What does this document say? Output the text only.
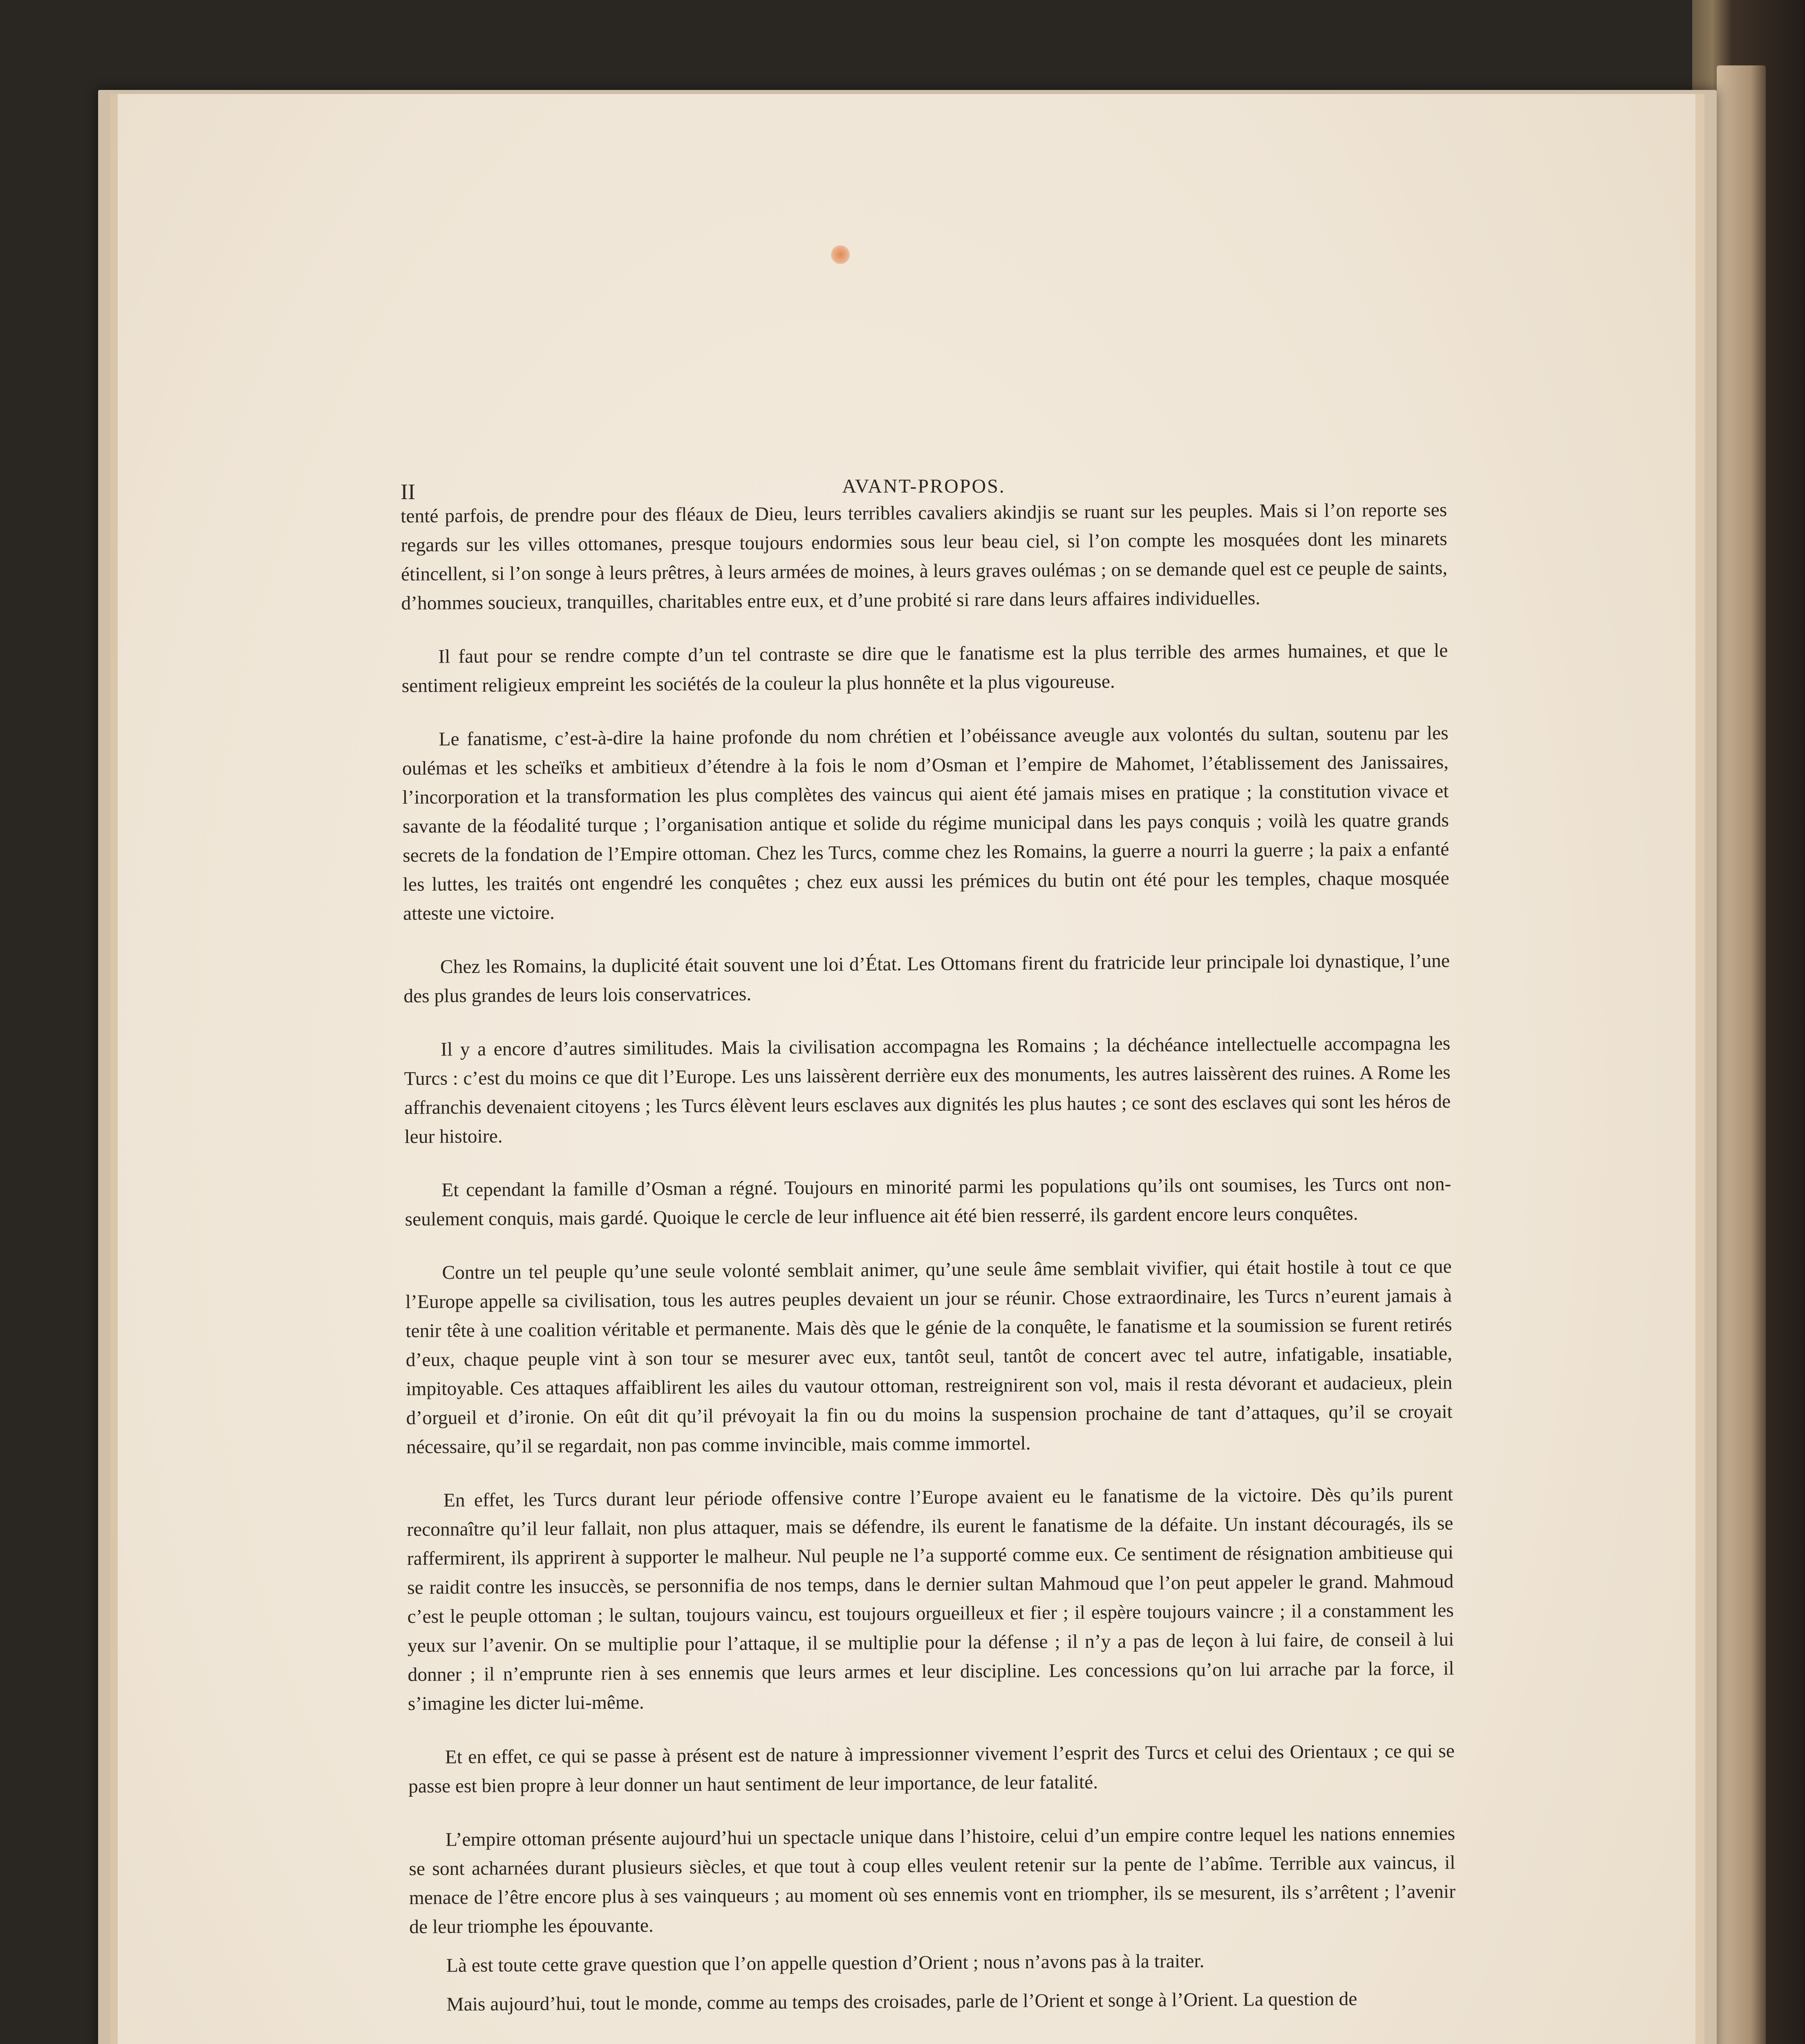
II	AVANT-PROPOS.

tenté parfois, de prendre pour des fléaux de Dieu, leurs terribles cavaliers akindjis se ruant sur les peuples. Mais si l’on reporte ses regards sur les villes ottomanes, presque toujours endormies sous leur beau ciel, si l’on compte les mosquées dont les minarets étincellent, si l’on songe à leurs prêtres, à leurs armées de moines, à leurs graves oulémas ; on se demande quel est ce peuple de saints, d’hommes soucieux, tranquilles, charitables entre eux, et d’une probité si rare dans leurs affaires individuelles.

Il faut pour se rendre compte d’un tel contraste se dire que le fanatisme est la plus terrible des armes humaines, et que le sentiment religieux empreint les sociétés de la couleur la plus honnête et la plus vigoureuse.

Le fanatisme, c’est-à-dire la haine profonde du nom chrétien et l’obéissance aveugle aux volontés du sultan, soutenu par les oulémas et les scheïks et ambitieux d’étendre à la fois le nom d’Osman et l’empire de Mahomet, l’établissement des Janissaires, l’incorporation et la transformation les plus complètes des vaincus qui aient été jamais mises en pratique ; la constitution vivace et savante de la féodalité turque ; l’organisation antique et solide du régime municipal dans les pays conquis ; voilà les quatre grands secrets de la fondation de l’Empire ottoman. Chez les Turcs, comme chez les Romains, la guerre a nourri la guerre ; la paix a enfanté les luttes, les traités ont engendré les conquêtes ; chez eux aussi les prémices du butin ont été pour les temples, chaque mosquée atteste une victoire.

Chez les Romains, la duplicité était souvent une loi d’État. Les Ottomans firent du fratricide leur principale loi dynastique, l’une des plus grandes de leurs lois conservatrices.

Il y a encore d’autres similitudes. Mais la civilisation accompagna les Romains ; la déchéance intellectuelle accompagna les Turcs : c’est du moins ce que dit l’Europe. Les uns laissèrent derrière eux des monuments, les autres laissèrent des ruines. A Rome les affranchis devenaient citoyens ; les Turcs élèvent leurs esclaves aux dignités les plus hautes ; ce sont des esclaves qui sont les héros de leur histoire.

Et cependant la famille d’Osman a régné. Toujours en minorité parmi les populations qu’ils ont soumises, les Turcs ont non-seulement conquis, mais gardé. Quoique le cercle de leur influence ait été bien resserré, ils gardent encore leurs conquêtes.

Contre un tel peuple qu’une seule volonté semblait animer, qu’une seule âme semblait vivifier, qui était hostile à tout ce que l’Europe appelle sa civilisation, tous les autres peuples devaient un jour se réunir. Chose extraordinaire, les Turcs n’eurent jamais à tenir tête à une coalition véritable et permanente. Mais dès que le génie de la conquête, le fanatisme et la soumission se furent retirés d’eux, chaque peuple vint à son tour se mesurer avec eux, tantôt seul, tantôt de concert avec tel autre, infatigable, insatiable, impitoyable. Ces attaques affaiblirent les ailes du vautour ottoman, restreignirent son vol, mais il resta dévorant et audacieux, plein d’orgueil et d’ironie. On eût dit qu’il prévoyait la fin ou du moins la suspension prochaine de tant d’attaques, qu’il se croyait nécessaire, qu’il se regardait, non pas comme invincible, mais comme immortel.

En effet, les Turcs durant leur période offensive contre l’Europe avaient eu le fanatisme de la victoire. Dès qu’ils purent reconnaître qu’il leur fallait, non plus attaquer, mais se défendre, ils eurent le fanatisme de la défaite. Un instant découragés, ils se raffermirent, ils apprirent à supporter le malheur. Nul peuple ne l’a supporté comme eux. Ce sentiment de résignation ambitieuse qui se raidit contre les insuccès, se personnifia de nos temps, dans le dernier sultan Mahmoud que l’on peut appeler le grand. Mahmoud c’est le peuple ottoman ; le sultan, toujours vaincu, est toujours orgueilleux et fier ; il espère toujours vaincre ; il a constamment les yeux sur l’avenir. On se multiplie pour l’attaque, il se multiplie pour la défense ; il n’y a pas de leçon à lui faire, de conseil à lui donner ; il n’emprunte rien à ses ennemis que leurs armes et leur discipline. Les concessions qu’on lui arrache par la force, il s’imagine les dicter lui-même.

Et en effet, ce qui se passe à présent est de nature à impressionner vivement l’esprit des Turcs et celui des Orientaux ; ce qui se passe est bien propre à leur donner un haut sentiment de leur importance, de leur fatalité.

L’empire ottoman présente aujourd’hui un spectacle unique dans l’histoire, celui d’un empire contre lequel les nations ennemies se sont acharnées durant plusieurs siècles, et que tout à coup elles veulent retenir sur la pente de l’abîme. Terrible aux vaincus, il menace de l’être encore plus à ses vainqueurs ; au moment où ses ennemis vont en triompher, ils se mesurent, ils s’arrêtent ; l’avenir de leur triomphe les épouvante.

Là est toute cette grave question que l’on appelle question d’Orient ; nous n’avons pas à la traiter.

Mais aujourd’hui, tout le monde, comme au temps des croisades, parle de l’Orient et songe à l’Orient. La question de
